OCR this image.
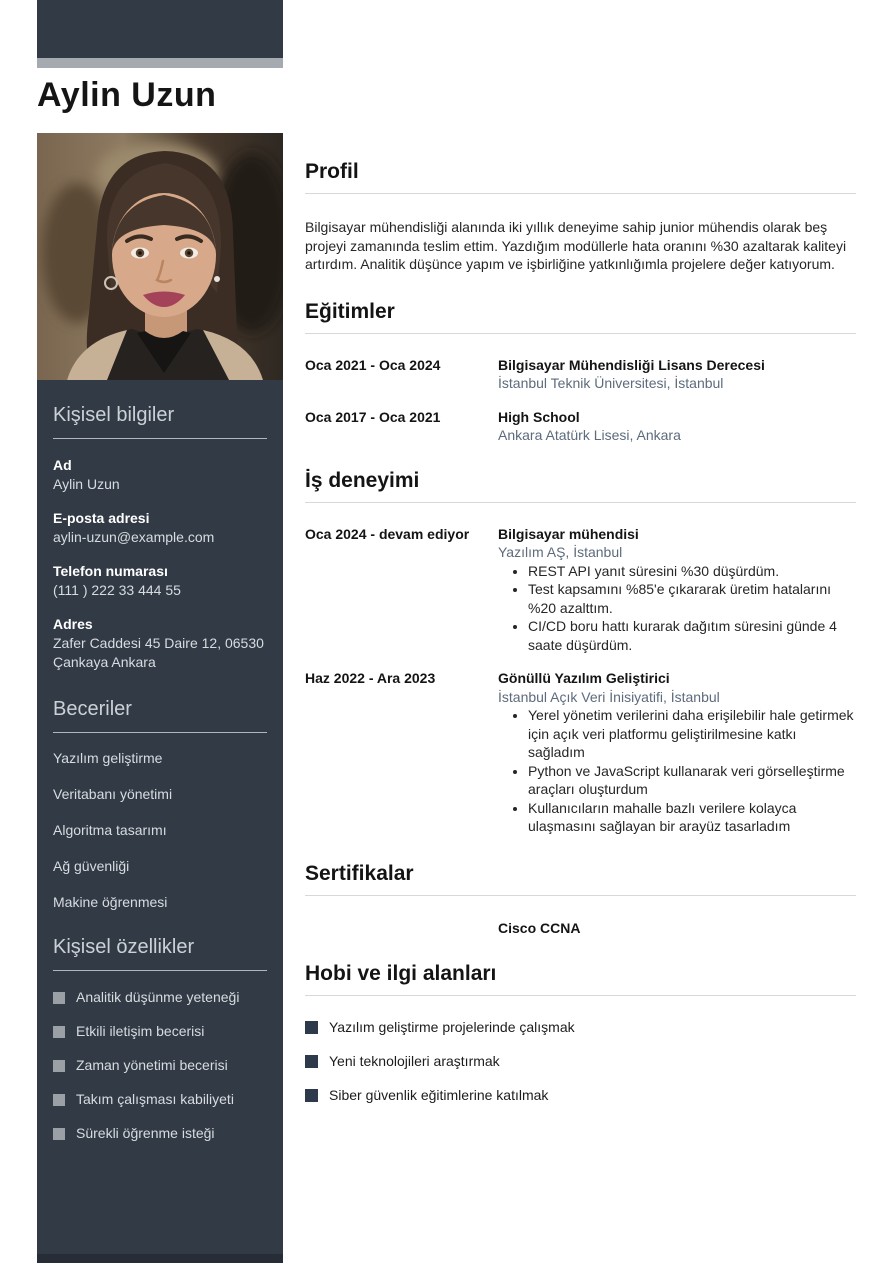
Aylin Uzun
Kişisel bilgiler
Ad
Aylin Uzun
E-posta adresi
aylin-uzun@example.com
Telefon numarası
(111 ) 222 33 444 55
Adres
Zafer Caddesi 45 Daire 12, 06530 Çankaya Ankara
Beceriler
Yazılım geliştirme
Veritabanı yönetimi
Algoritma tasarımı
Ağ güvenliği
Makine öğrenmesi
Kişisel özellikler
Analitik düşünme yeteneği
Etkili iletişim becerisi
Zaman yönetimi becerisi
Takım çalışması kabiliyeti
Sürekli öğrenme isteği
Profil
Bilgisayar mühendisliği alanında iki yıllık deneyime sahip junior mühendis olarak beş projeyi zamanında teslim ettim. Yazdığım modüllerle hata oranını %30 azaltarak kaliteyi artırdım. Analitik düşünce yapım ve işbirliğine yatkınlığımla projelere değer katıyorum.
Eğitimler
Oca 2021 - Oca 2024	Bilgisayar Mühendisliği Lisans Derecesi
İstanbul Teknik Üniversitesi, İstanbul
Oca 2017 - Oca 2021	High School
Ankara Atatürk Lisesi, Ankara
İş deneyimi
Oca 2024 - devam ediyor	Bilgisayar mühendisi
Yazılım AŞ, İstanbul
• REST API yanıt süresini %30 düşürdüm.
• Test kapsamını %85'e çıkararak üretim hatalarını %20 azalttım.
• CI/CD boru hattı kurarak dağıtım süresini günde 4 saate düşürdüm.
Haz 2022 - Ara 2023	Gönüllü Yazılım Geliştirici
İstanbul Açık Veri İnisiyatifi, İstanbul
• Yerel yönetim verilerini daha erişilebilir hale getirmek için açık veri platformu geliştirilmesine katkı sağladım
• Python ve JavaScript kullanarak veri görselleştirme araçları oluşturdum
• Kullanıcıların mahalle bazlı verilere kolayca ulaşmasını sağlayan bir arayüz tasarladım
Sertifikalar
Cisco CCNA
Hobi ve ilgi alanları
Yazılım geliştirme projelerinde çalışmak
Yeni teknolojileri araştırmak
Siber güvenlik eğitimlerine katılmak
